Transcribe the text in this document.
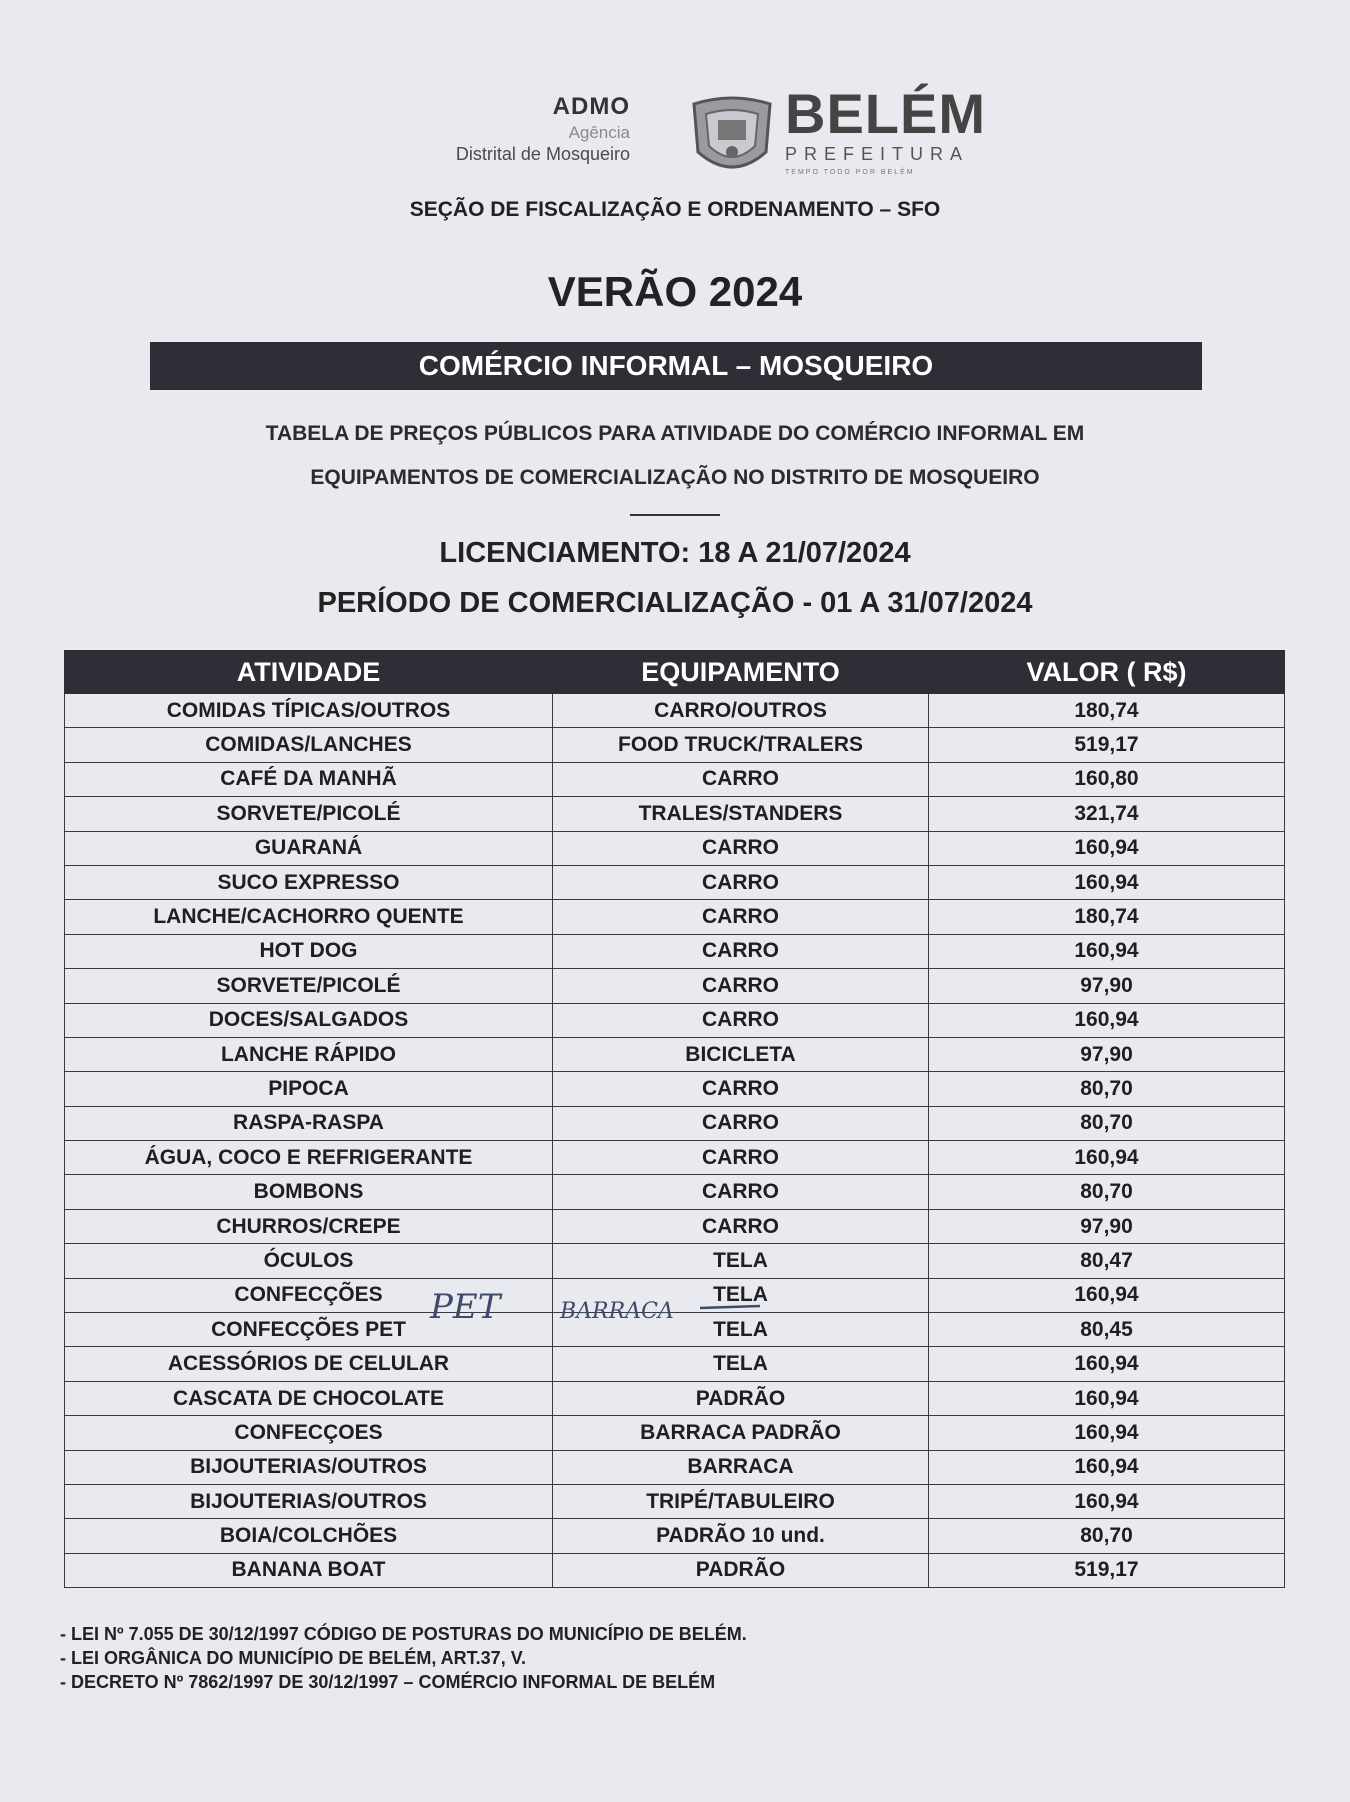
ADMO
Agência
Distrital de Mosqueiro
BELÉM
PREFEITURA
TEMPO TODO POR BELÉM
SEÇÃO DE FISCALIZAÇÃO E ORDENAMENTO – SFO
VERÃO 2024
COMÉRCIO INFORMAL – MOSQUEIRO
TABELA DE PREÇOS PÚBLICOS PARA ATIVIDADE DO COMÉRCIO INFORMAL EM
EQUIPAMENTOS DE COMERCIALIZAÇÃO NO DISTRITO DE MOSQUEIRO
LICENCIAMENTO: 18 A 21/07/2024
PERÍODO DE COMERCIALIZAÇÃO - 01 A 31/07/2024
ATIVIDADE	EQUIPAMENTO	VALOR ( R$)
COMIDAS TÍPICAS/OUTROS	CARRO/OUTROS	180,74
COMIDAS/LANCHES	FOOD TRUCK/TRALERS	519,17
CAFÉ DA MANHÃ	CARRO	160,80
SORVETE/PICOLÉ	TRALES/STANDERS	321,74
GUARANÁ	CARRO	160,94
SUCO EXPRESSO	CARRO	160,94
LANCHE/CACHORRO QUENTE	CARRO	180,74
HOT DOG	CARRO	160,94
SORVETE/PICOLÉ	CARRO	97,90
DOCES/SALGADOS	CARRO	160,94
LANCHE RÁPIDO	BICICLETA	97,90
PIPOCA	CARRO	80,70
RASPA-RASPA	CARRO	80,70
ÁGUA, COCO E REFRIGERANTE	CARRO	160,94
BOMBONS	CARRO	80,70
CHURROS/CREPE	CARRO	97,90
ÓCULOS	TELA	80,47
CONFECÇÕES	TELA	160,94
CONFECÇÕES PET	TELA	80,45
ACESSÓRIOS DE CELULAR	TELA	160,94
CASCATA DE CHOCOLATE	PADRÃO	160,94
CONFECÇOES	BARRACA PADRÃO	160,94
BIJOUTERIAS/OUTROS	BARRACA	160,94
BIJOUTERIAS/OUTROS	TRIPÉ/TABULEIRO	160,94
BOIA/COLCHÕES	PADRÃO 10 und.	80,70
BANANA BOAT	PADRÃO	519,17
PET	BARRACA
- LEI Nº 7.055 DE 30/12/1997 CÓDIGO DE POSTURAS DO MUNICÍPIO DE BELÉM.
- LEI ORGÂNICA DO MUNICÍPIO DE BELÉM, ART.37, V.
- DECRETO Nº 7862/1997 DE 30/12/1997 – COMÉRCIO INFORMAL DE BELÉM
